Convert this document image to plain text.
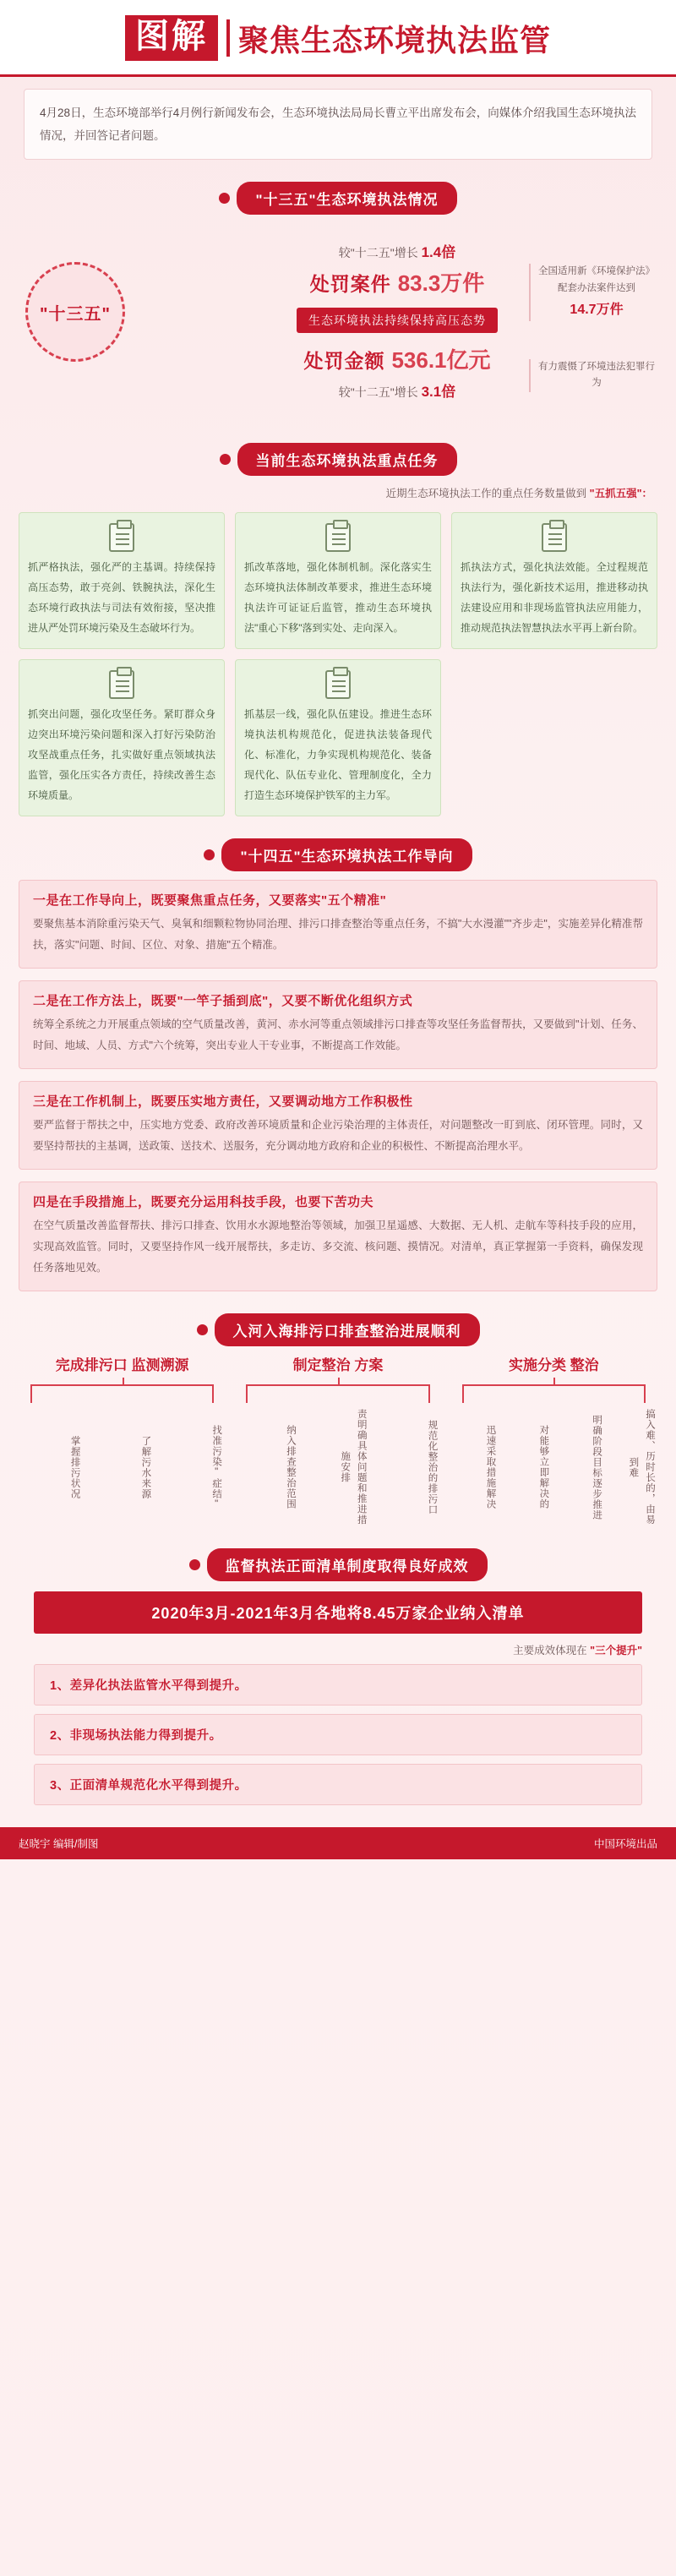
图解	聚焦生态环境执法监管
4月28日，生态环境部举行4月例行新闻发布会，生态环境执法局局长曹立平出席发布会，向媒体介绍我国生态环境执法情况，并回答记者问题。
"十三五"生态环境执法情况
"十三五"
全国适用新《环境保护法》配套办法案件达到
14.7万件
有力震慑了环境违法犯罪行为
较"十二五"增长 1.4倍
处罚案件 83.3万件
生态环境执法持续保持高压态势
处罚金额 536.1亿元
较"十二五"增长 3.1倍
当前生态环境执法重点任务
近期生态环境执法工作的重点任务数量做到 "五抓五强"：
抓严格执法，强化严的主基调。持续保持高压态势，敢于亮剑、铁腕执法，深化生态环境行政执法与司法有效衔接，坚决推进从严处罚环境污染及生态破坏行为。
抓改革落地，强化体制机制。深化落实生态环境执法体制改革要求，推进生态环境执法许可证证后监管，推动生态环境执法"重心下移"落到实处、走向深入。
抓执法方式，强化执法效能。全过程规范执法行为，强化新技术运用，推进移动执法建设应用和非现场监管执法应用能力，推动规范执法智慧执法水平再上新台阶。
抓突出问题，强化攻坚任务。紧盯群众身边突出环境污染问题和深入打好污染防治攻坚战重点任务，扎实做好重点领域执法监管，强化压实各方责任，持续改善生态环境质量。
抓基层一线，强化队伍建设。推进生态环境执法机构规范化，促进执法装备现代化、标准化，力争实现机构规范化、装备现代化、队伍专业化、管理制度化，全力打造生态环境保护铁军的主力军。
"十四五"生态环境执法工作导向
一是在工作导向上，既要聚焦重点任务，又要落实"五个精准"
要聚焦基本消除重污染天气、臭氧和细颗粒物协同治理、排污口排查整治等重点任务，不搞"大水漫灌""齐步走"，实施差异化精准帮扶，落实"问题、时间、区位、对象、措施"五个精准。
二是在工作方法上，既要"一竿子插到底"，又要不断优化组织方式
统筹全系统之力开展重点领域的空气质量改善，黄河、赤水河等重点领域排污口排查等攻坚任务监督帮扶，又要做到"计划、任务、时间、地域、人员、方式"六个统筹，突出专业人干专业事，不断提高工作效能。
三是在工作机制上，既要压实地方责任，又要调动地方工作积极性
要严监督于帮扶之中，压实地方党委、政府改善环境质量和企业污染治理的主体责任，对问题整改一盯到底、闭环管理。同时，又要坚持帮扶的主基调，送政策、送技术、送服务，充分调动地方政府和企业的积极性、不断提高治理水平。
四是在手段措施上，既要充分运用科技手段，也要下苦功夫
在空气质量改善监督帮扶、排污口排查、饮用水水源地整治等领域，加强卫星遥感、大数据、无人机、走航车等科技手段的应用，实现高效监管。同时，又要坚持作风一线开展帮扶，多走访、多交流、核问题、摸情况。对清单，真正掌握第一手资料，确保发现任务落地见效。
入河入海排污口排查整治进展顺利
完成排污口 监测溯源
掌握排污状况	了解污水来源	找准污染"症结"
制定整治 方案
纳入排查整治范围	责明确具体问题和推进措施安排	规范化整治的排污口
实施分类 整治
迅速采取措施解决	对能够立即解决的	明确阶段目标逐步推进	搞入难、历时长的，由易到难
监督执法正面清单制度取得良好成效
2020年3月-2021年3月各地将8.45万家企业纳入清单
主要成效体现在 "三个提升"
1、差异化执法监管水平得到提升。
2、非现场执法能力得到提升。
3、正面清单规范化水平得到提升。
赵晓宇 编辑/制图	中国环境出品
